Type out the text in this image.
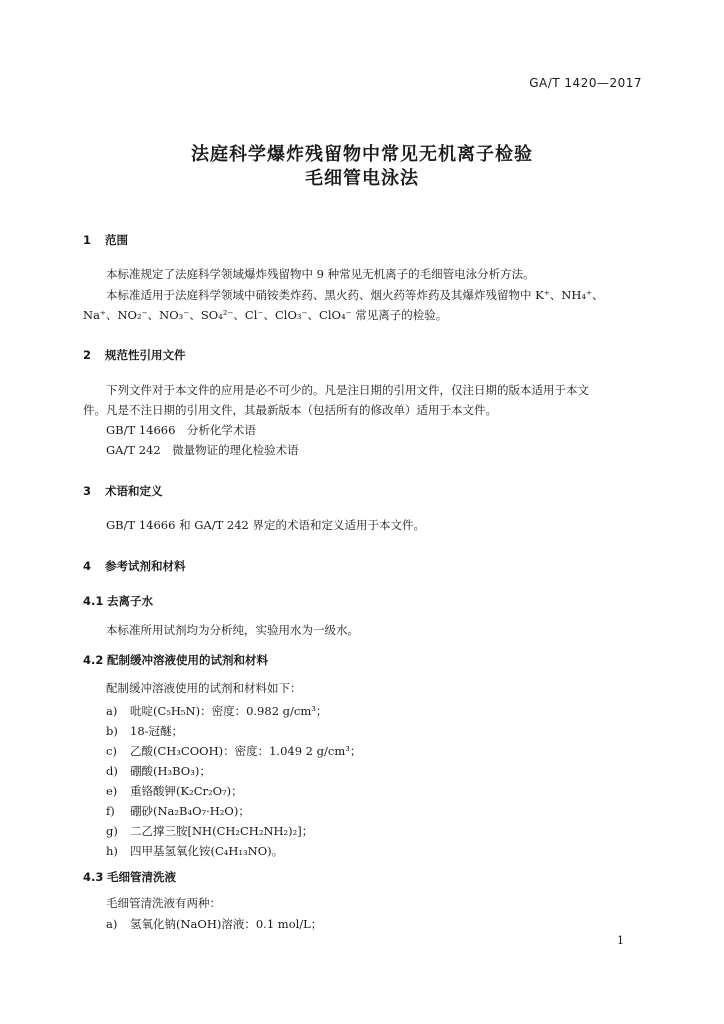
GA/T 1420—2017
法庭科学爆炸残留物中常见无机离子检验
毛细管电泳法
1 范围
本标准规定了法庭科学领域爆炸残留物中 9 种常见无机离子的毛细管电泳分析方法。
本标准适用于法庭科学领域中硝铵类炸药、黑火药、烟火药等炸药及其爆炸残留物中 K⁺、NH₄⁺、
Na⁺、NO₂⁻、NO₃⁻、SO₄²⁻、Cl⁻、ClO₃⁻、ClO₄⁻ 常见离子的检验。
2 规范性引用文件
下列文件对于本文件的应用是必不可少的。凡是注日期的引用文件，仅注日期的版本适用于本文
件。凡是不注日期的引用文件，其最新版本（包括所有的修改单）适用于本文件。
GB/T 14666　分析化学术语
GA/T 242　微量物证的理化检验术语
3 术语和定义
GB/T 14666 和 GA/T 242 界定的术语和定义适用于本文件。
4 参考试剂和材料
4.1 去离子水
本标准所用试剂均为分析纯，实验用水为一级水。
4.2 配制缓冲溶液使用的试剂和材料
配制缓冲溶液使用的试剂和材料如下：
a) 吡啶(C₅H₅N)：密度：0.982 g/cm³；
b) 18-冠醚；
c) 乙酸(CH₃COOH)：密度：1.049 2 g/cm³；
d) 硼酸(H₃BO₃)；
e) 重铬酸钾(K₂Cr₂O₇)；
f) 硼砂(Na₂B₄O₇·H₂O)；
g) 二乙撑三胺[NH(CH₂CH₂NH₂)₂]；
h) 四甲基氢氧化铵(C₄H₁₃NO)。
4.3 毛细管清洗液
毛细管清洗液有两种：
a) 氢氧化钠(NaOH)溶液：0.1 mol/L；
1
